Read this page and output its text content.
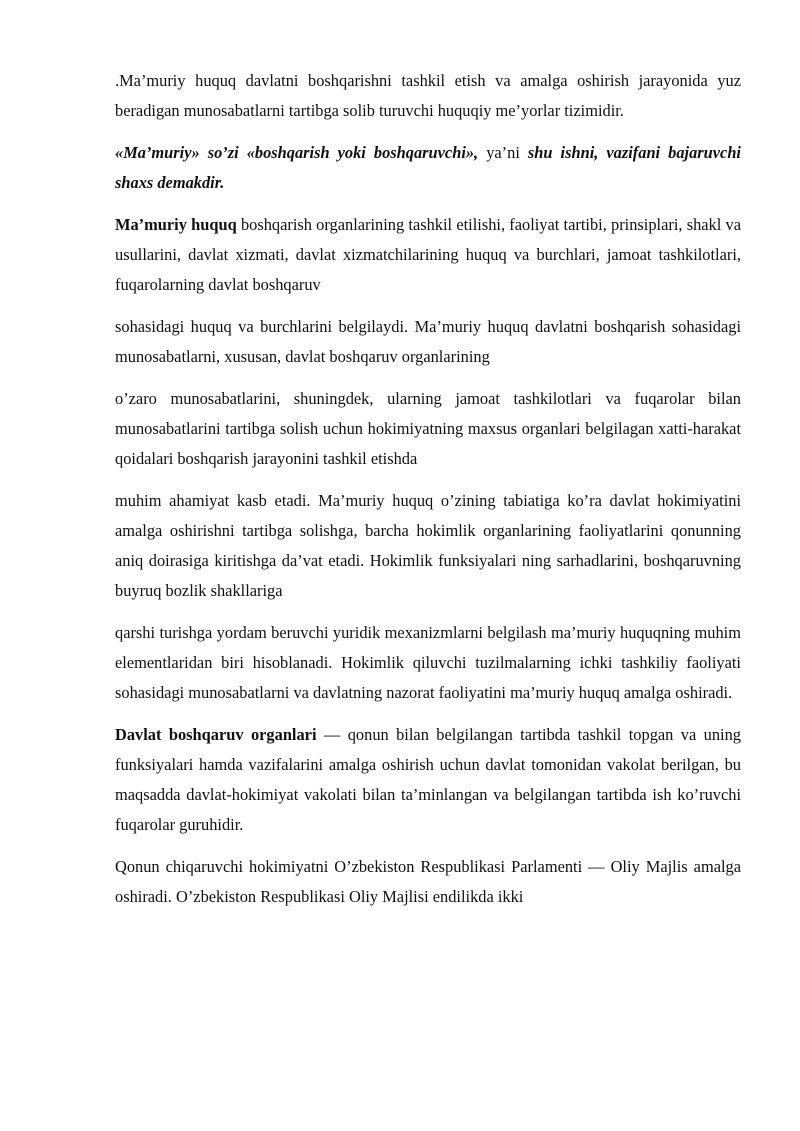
.Ma’muriy huquq davlatni boshqarishni tashkil etish va amalga oshirish jarayonida yuz beradigan munosabatlarni tartibga solib turuvchi huquqiy me’yorlar tizimidir.

«Ma’muriy» so’zi «boshqarish yoki boshqaruvchi», ya’ni shu ishni, vazifani bajaruvchi shaxs demakdir.

Ma’muriy huquq boshqarish organlarining tashkil etilishi, faoliyat tartibi, prinsiplari, shakl va usullarini, davlat xizmati, davlat xizmatchilarining huquq va burchlari, jamoat tashkilotlari, fuqarolarning davlat boshqaruv

sohasidagi huquq va burchlarini belgilaydi. Ma’muriy huquq davlatni boshqarish sohasidagi munosabatlarni, xususan, davlat boshqaruv organlarining

o’zaro munosabatlarini, shuningdek, ularning jamoat tashkilotlari va fuqarolar bilan munosabatlarini tartibga solish uchun hokimiyatning maxsus organlari belgilagan xatti-harakat qoidalari boshqarish jarayonini tashkil etishda

muhim ahamiyat kasb etadi. Ma’muriy huquq o’zining tabiatiga ko’ra davlat hokimiyatini amalga oshirishni tartibga solishga, barcha hokimlik organlarining faoliyatlarini qonunning aniq doirasiga kiritishga da’vat etadi. Hokimlik funksiyalari ning sarhadlarini, boshqaruvning buyruq bozlik shakllariga

qarshi turishga yordam beruvchi yuridik mexanizmlarni belgilash ma’muriy huquqning muhim elementlaridan biri hisoblanadi. Hokimlik qiluvchi tuzilmalarning ichki tashkiliy faoliyati sohasidagi munosabatlarni va davlatning nazorat faoliyatini ma’muriy huquq amalga oshiradi.

Davlat boshqaruv organlari — qonun bilan belgilangan tartibda tashkil topgan va uning funksiyalari hamda vazifalarini amalga oshirish uchun davlat tomonidan vakolat berilgan, bu maqsadda davlat-hokimiyat vakolati bilan ta’minlangan va belgilangan tartibda ish ko’ruvchi fuqarolar guruhidir.

Qonun chiqaruvchi hokimiyatni O’zbekiston Respublikasi Parlamenti — Oliy Majlis amalga oshiradi. O’zbekiston Respublikasi Oliy Majlisi endilikda ikki
